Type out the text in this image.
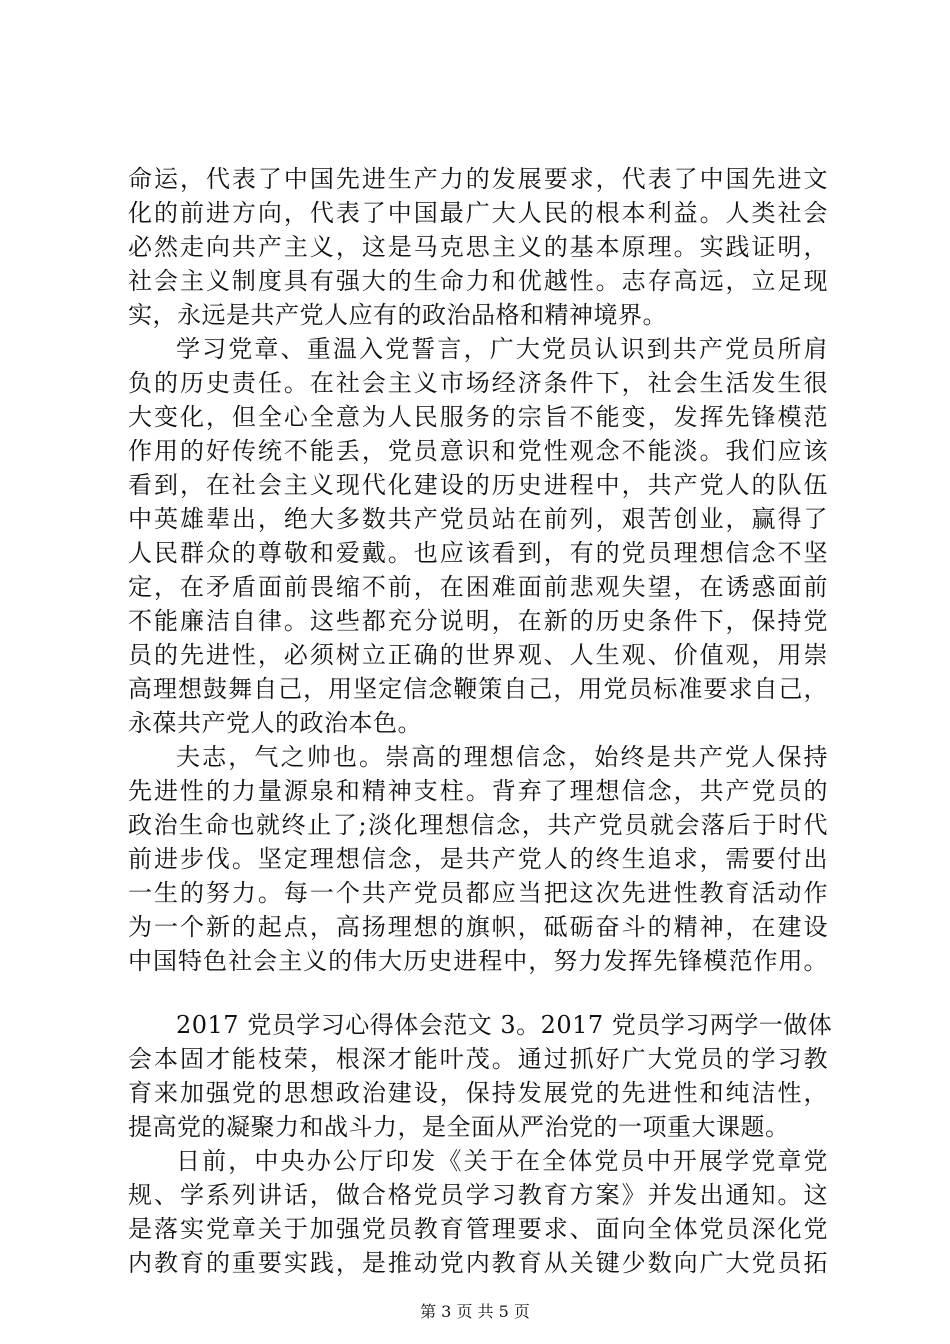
命运，代表了中国先进生产力的发展要求，代表了中国先进文
化的前进方向，代表了中国最广大人民的根本利益。人类社会
必然走向共产主义，这是马克思主义的基本原理。实践证明，
社会主义制度具有强大的生命力和优越性。志存高远，立足现
实，永远是共产党人应有的政治品格和精神境界。
学习党章、重温入党誓言，广大党员认识到共产党员所肩
负的历史责任。在社会主义市场经济条件下，社会生活发生很
大变化，但全心全意为人民服务的宗旨不能变，发挥先锋模范
作用的好传统不能丢，党员意识和党性观念不能淡。我们应该
看到，在社会主义现代化建设的历史进程中，共产党人的队伍
中英雄辈出，绝大多数共产党员站在前列，艰苦创业，赢得了
人民群众的尊敬和爱戴。也应该看到，有的党员理想信念不坚
定，在矛盾面前畏缩不前，在困难面前悲观失望，在诱惑面前
不能廉洁自律。这些都充分说明，在新的历史条件下，保持党
员的先进性，必须树立正确的世界观、人生观、价值观，用崇
高理想鼓舞自己，用坚定信念鞭策自己，用党员标准要求自己，
永葆共产党人的政治本色。
夫志，气之帅也。崇高的理想信念，始终是共产党人保持
先进性的力量源泉和精神支柱。背弃了理想信念，共产党员的
政治生命也就终止了;淡化理想信念，共产党员就会落后于时代
前进步伐。坚定理想信念，是共产党人的终生追求，需要付出
一生的努力。每一个共产党员都应当把这次先进性教育活动作
为一个新的起点，高扬理想的旗帜，砥砺奋斗的精神，在建设
中国特色社会主义的伟大历史进程中，努力发挥先锋模范作用。
2017 党员学习心得体会范文 3。2017 党员学习两学一做体
会本固才能枝荣，根深才能叶茂。通过抓好广大党员的学习教
育来加强党的思想政治建设，保持发展党的先进性和纯洁性，
提高党的凝聚力和战斗力，是全面从严治党的一项重大课题。
日前，中央办公厅印发《关于在全体党员中开展学党章党
规、学系列讲话，做合格党员学习教育方案》并发出通知。这
是落实党章关于加强党员教育管理要求、面向全体党员深化党
第 3 页 共 5 页
内教育的重要实践，是推动党内教育从关键少数向广大党员拓
